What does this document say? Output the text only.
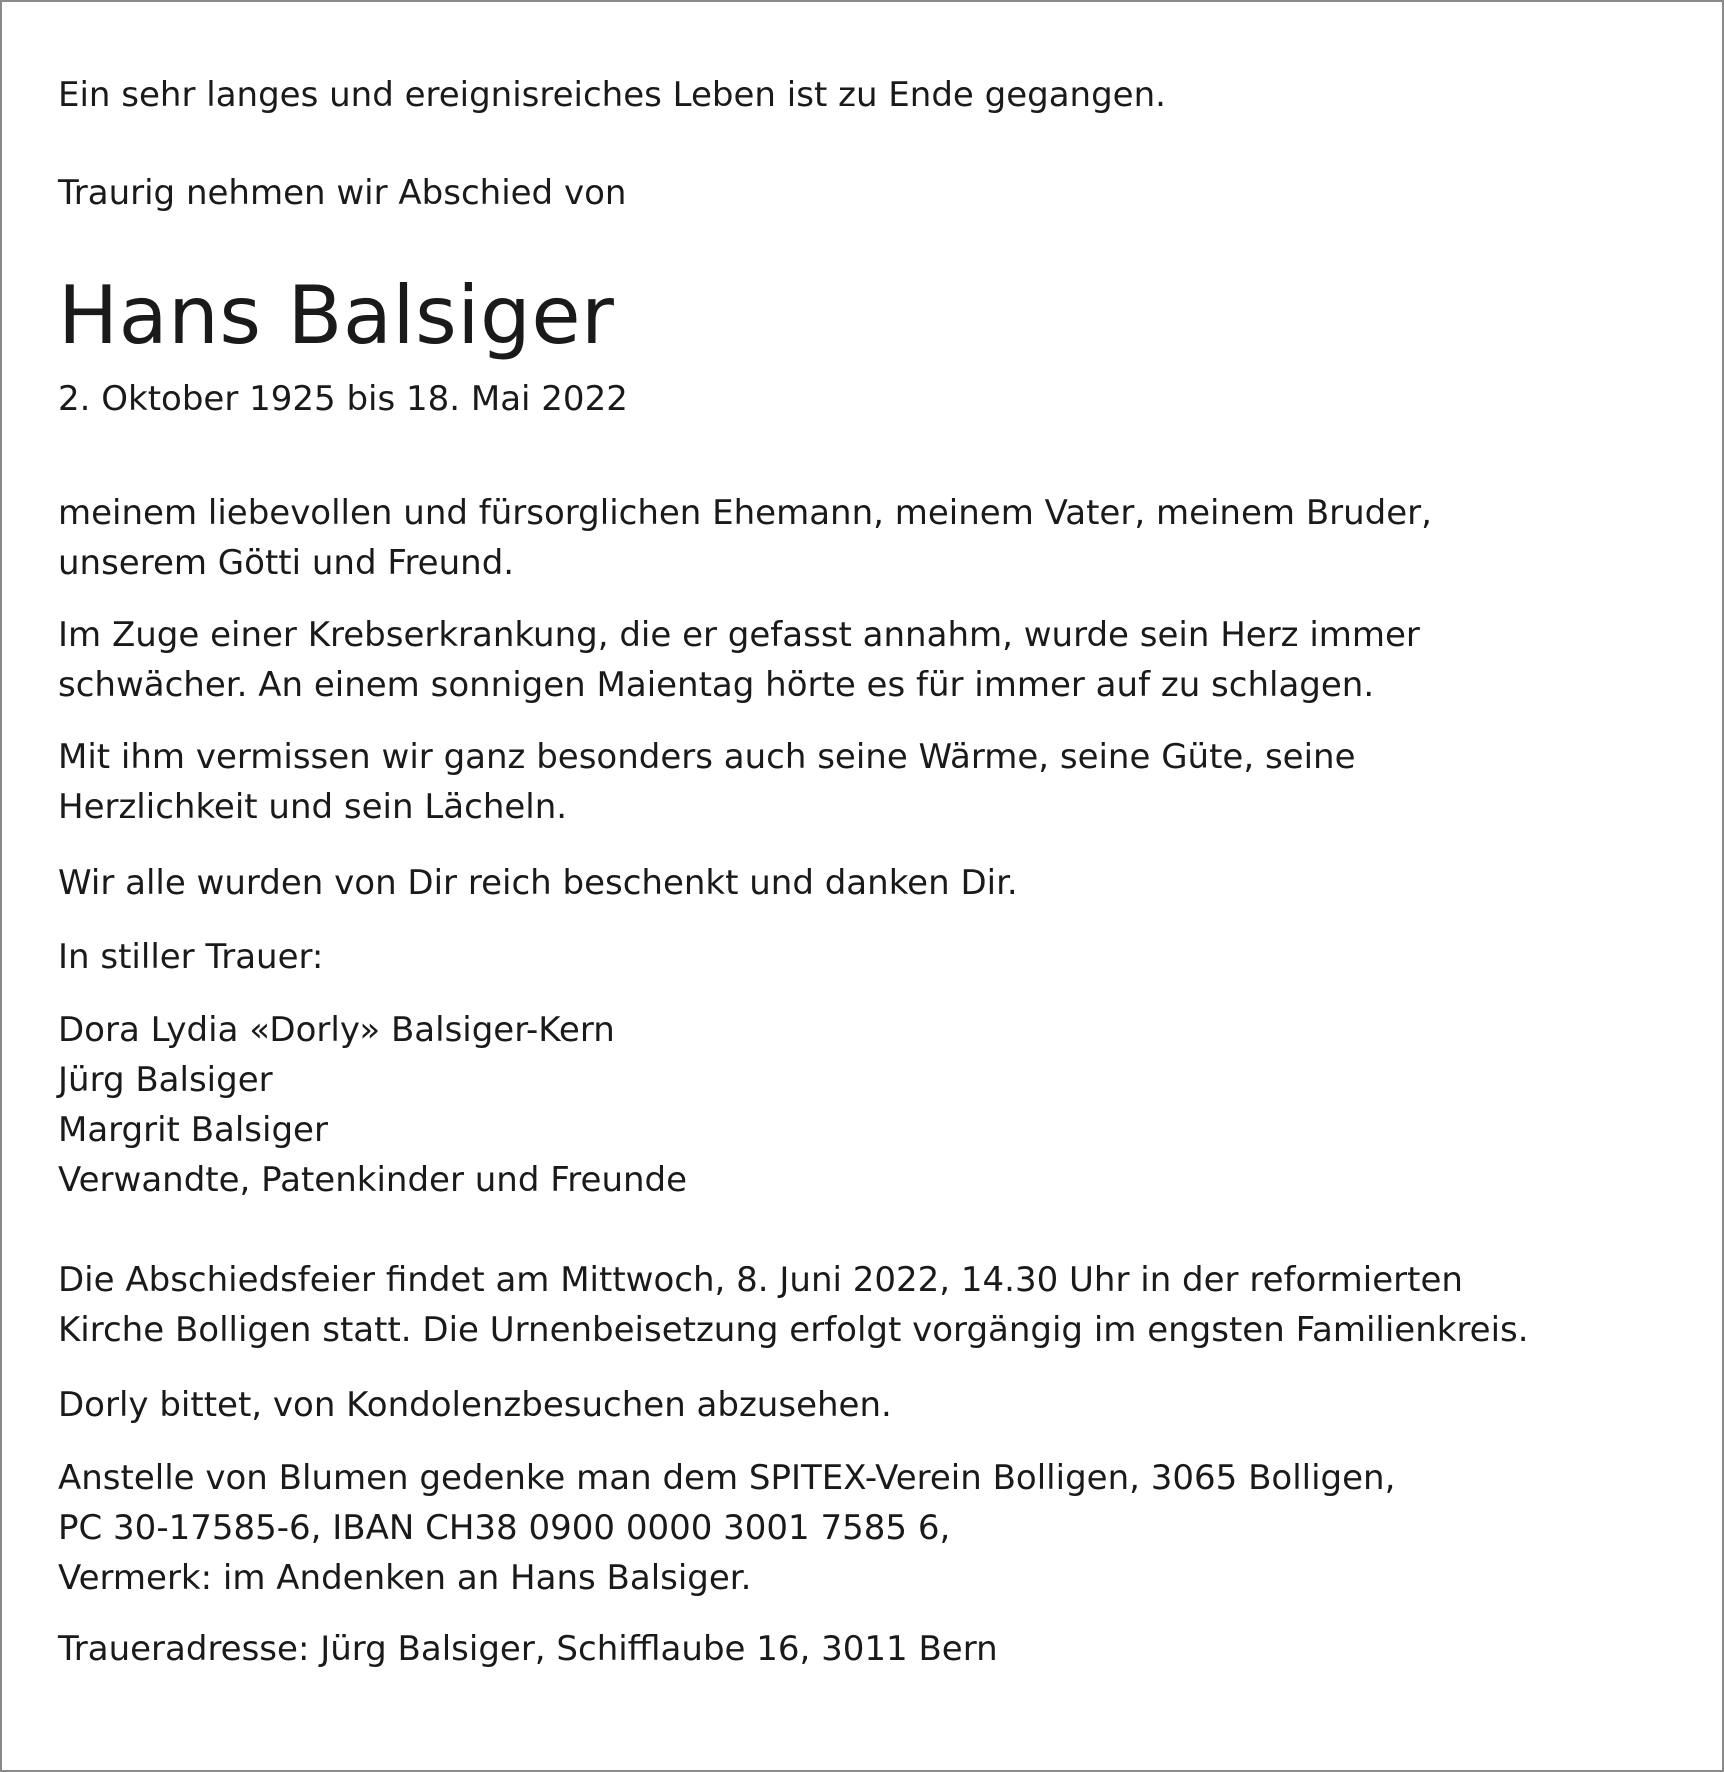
Ein sehr langes und ereignisreiches Leben ist zu Ende gegangen.

Traurig nehmen wir Abschied von

Hans Balsiger

2. Oktober 1925 bis 18. Mai 2022

meinem liebevollen und fürsorglichen Ehemann, meinem Vater, meinem Bruder,
unserem Götti und Freund.
Im Zuge einer Krebserkrankung, die er gefasst annahm, wurde sein Herz immer
schwächer. An einem sonnigen Maientag hörte es für immer auf zu schlagen.
Mit ihm vermissen wir ganz besonders auch seine Wärme, seine Güte, seine
Herzlichkeit und sein Lächeln.

Wir alle wurden von Dir reich beschenkt und danken Dir.

In stiller Trauer:

Dora Lydia «Dorly» Balsiger-Kern
Jürg Balsiger
Margrit Balsiger
Verwandte, Patenkinder und Freunde
Die Abschiedsfeier findet am Mittwoch, 8. Juni 2022, 14.30 Uhr in der reformierten
Kirche Bolligen statt. Die Urnenbeisetzung erfolgt vorgängig im engsten Familienkreis.

Dorly bittet, von Kondolenzbesuchen abzusehen.

Anstelle von Blumen gedenke man dem SPITEX-Verein Bolligen, 3065 Bolligen,
PC 30-17585-6, IBAN CH38 0900 0000 3001 7585 6,
Vermerk: im Andenken an Hans Balsiger.

Traueradresse: Jürg Balsiger, Schifflaube 16, 3011 Bern
